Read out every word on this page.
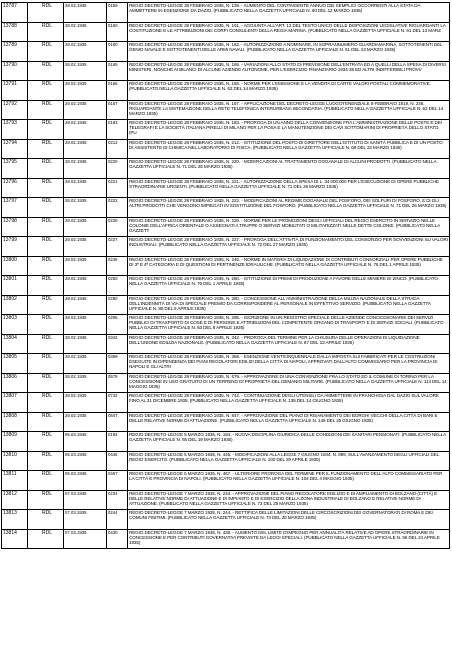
13787	RDL	28.02.1935	0159	REGIO DECRETO-LEGGE 28 FEBBRAIO 1935, N. 139. - AUMENTO DEL CONTINGENTE ANNUO DEI SEMPLICI OCCORRENTI ALLA STATA DA AMMETTERE IN ESENZIONE DA DAZIO. (PUBBLICATO NELLA GAZZETTA UFFICIALE N. 60 DEL 12 MARZO 1935)
13788	RDL	28.02.1935	0160	REGIO DECRETO-LEGGE 28 FEBBRAIO 1935, N. 161. - AGGIUNTA ALL'ART. 12 DEL TESTO UNICO DELLE DISPOSIZIONI LEGISLATIVE RIGUARDANTI LA COSTITUZIONE E LE ATTRIBUZIONI DEI CORPI CONSULENTI DELLA REGIA MARINA. (PUBBLICATO NELLA GAZZETTA UFFICIALE N. 61 DEL 13 MARZ
13789	RDL	28.02.1935	0160	REGIO DECRETO-LEGGE 28 FEBBRAIO 1935, N. 162. - AUTORIZZAZIONE A NOMINARE, IN SOPRANNUMERO GUARDIAMARINA, SOTTOTENENTI DEL GENIO NAVALE E SOTTOTENENTI DELLE ARMI NAVALI. (PUBBLICATO NELLA GAZZETTA UFFICIALE N. 61 DEL 13 MARZO 1935)
13790	RDL	28.02.1935	0165	REGIO DECRETO-LEGGE 28 FEBBRAIO 1935, N. 165. - VARIAZIONI ALLO STATO DI PREVISIONE DELL'ENTRATA ED A QUELLI DELLA SPESA DI DIVERSI MINISTERI, NONCHÉ AI BILANCI DI ALCUNE AZIENDE AUTONOME, PER L'ESERCIZIO FINANZIARIO 1934-35 ED ALTRI INDIFFERIBILI PROVV
13791	RDL	28.02.1935	0165	REGIO DECRETO-LEGGE 28 FEBBRAIO 1935, N. 166. - NORME PER L'EMISSIONE E LA VENDITA DI CARTE VALORI POSTALI COMMEMORATIVE. (PUBBLICATO NELLA GAZZETTA UFFICIALE N. 62 DEL 14 MARZO 1935)
13792	RDL	28.02.1935	0167	REGIO DECRETO-LEGGE 28 FEBBRAIO 1935, N. 167. - APPLICAZIONE DEL DECRETO-LEGGE LUOGOTENENZIALE 9 FEBBRAIO 1919, N. 246, RIGUARDANTE LA SISTEMAZIONE DELLA RETE TELEFONICA INTERURBANA SECONDARIA. (PUBBLICATO NELLA GAZZETTA UFFICIALE N. 62 DEL 14 MARZO 1935)
13793	RDL	28.02.1935	0183	REGIO DECRETO-LEGGE 28 FEBBRAIO 1935, N. 183. - PROROGA DI UN ANNO DELLA CONVENZIONE FRA L'AMMINISTRAZIONE DELLE POSTE E DEI TELEGRAFI E LA SOCIETÀ ITALIANA PIRELLI DI MILANO PER LA POSA E LA MANUTENZIONE DEI CAVI SOTTOMARINI DI PROPRIETÀ DELLO STATO. (PU
13794	RDL	28.02.1935	0212	REGIO DECRETO-LEGGE 28 FEBBRAIO 1935, N. 212. - ISTITUZIONE DEL POSTO DI DIRETTORE DELL'ISTITUTO DI SANITÀ PUBBLICA E DI UN POSTO DI ASSISTENTE DI CHIMICA NEL LABORATORIO DI FISICA. (PUBBLICATO NELLA GAZZETTA UFFICIALE N. 68 DEL 22 MARZO 1935)
13795	RDL	28.02.1935	0220	REGIO DECRETO-LEGGE 28 FEBBRAIO 1935, N. 220. - MODIFICAZIONI AL TRATTAMENTO DOGANALE DI ALCUNI PRODOTTI. (PUBBLICATO NELLA GAZZETTA UFFICIALE N. 71 DEL 25 MARZO 1935)
13796	RDL	28.02.1935	0221	REGIO DECRETO-LEGGE 28 FEBBRAIO 1935, N. 221. - AUTORIZZAZIONE DELLA SPESA DI L. 34.000.000 PER L'ESECUZIONE DI OPERE PUBBLICHE STRAORDINARIE URGENTI. (PUBBLICATO NELLA GAZZETTA UFFICIALE N. 71 DEL 26 MARZO 1935)
13797	RDL	28.02.1935	0222	REGIO DECRETO-LEGGE 28 FEBBRAIO 1935, N. 222. - MODIFICAZIONI AL REGIME DOGANALE DEL FOSFORO, DEI SOLFURI DI FOSFORO, E DI GLI ALTRI PRODOTTI CHE VENGONO IMPIEGATI IN SOSTITUZIONE DEL FOSFORO. (PUBBLICATO NELLA GAZZETTA UFFICIALE N. 71 DEL 26 MARZO 1935)
13798	RDL	28.02.1935	0226	REGIO DECRETO-LEGGE 28 FEBBRAIO 1935, N. 226. - NORME PER LE PROMOZIONI DEGLI UFFICIALI DEL REGIO ESERCITO IN SERVIZIO NELLE COLONIE DELL'AFRICA ORIENTALE O ASSEGNATI A TRUPPE O SERVIZI MOBILITATI O MILITARIZZATI NELLE DETTE COLONIE. (PUBBLICATO NELLA GAZZETT
13799	RDL	28.02.1935	0227	REGIO DECRETO-LEGGE 28 FEBBRAIO 1935, N. 227. - PROROGA DELL'ATTIVITÀ DI FUNZIONAMENTO DEL CONSORZIO PER SOVVENZIONI SU VALORI INDUSTRIALI. (PUBBLICATO NELLA GAZZETTA UFFICIALE N. 72 DEL 27 MARZO 1935)
13800	RDL	28.02.1935	0245	REGIO DECRETO-LEGGE 28 FEBBRAIO 1935, N. 245. - NORME IN MATERIA DI LIQUIDAZIONE DI CONTRIBUTI CONSORZIALI PER OPERE PUBBLICHE DI 3ª E 4ª CATEGORIA E DI QUESTIONI DI PERTINENZE IDRAULICHE. (PUBBLICATO NELLA GAZZETTA UFFICIALE N. 76 DEL 1 APRILE 1935)
13801	RDL	28.02.1935	0250	REGIO DECRETO-LEGGE 28 FEBBRAIO 1935, N. 250. - ISTITUZIONE DI PREMI DI PRODUZIONE A FAVORE DELLE MINIERE DI ZINCO. (PUBBLICATO NELLA GAZZETTA UFFICIALE N. 76 DEL 1 APRILE 1935)
13802	RDL	28.02.1935	0280	REGIO DECRETO-LEGGE 28 FEBBRAIO 1935, N. 280. - CONCESSIONE ALL'AMMINISTRAZIONE DELLA MILIZIA NAZIONALE DELLA STRADA DELL'INDENNITÀ DI VIA DI SPECIALE PREMIO DA CORRISPONDERE AL PERSONALE IN EFFETTIVO SERVIZIO. (PUBBLICATO NELLA GAZZETTA UFFICIALE N. 80 DEL 5 APRILE 1935)
13803	RDL	28.02.1935	0295	REGIO DECRETO-LEGGE 28 FEBBRAIO 1935, N. 295. - ISCRIZIONE IN UN REGISTRO SPECIALE DELLE AZIENDE CONCESSIONARIE DEI SERVIZI PUBBLICI DI TRASPORTO DI COSE E DI PERSONE E ATTRIBUZIONI DEL COMPETENTE ORGANO DI TRASPORTI E DI SERVIZI SOCIALI. (PUBBLICATO NELLA GAZZETTA UFFICIALE N. 83 DEL 8 APRILE 1935)
13804	RDL	28.02.1935	0342	REGIO DECRETO-LEGGE 28 FEBBRAIO 1935, N. 342. - PROROGA DEL TERMINE PER LA CHIUSURA DELLE OPERAZIONI DI LIQUIDAZIONE DELL'UNIONE EDILIZIA NAZIONALE. (PUBBLICATO NELLA GAZZETTA UFFICIALE N. 87 DEL 13 APRILE 1935)
13805	RDL	28.02.1935	0369	REGIO DECRETO-LEGGE 28 FEBBRAIO 1935, N. 369. - ESENZIONE VENTICINQUENNALE DALLA IMPOSTA SUI FABBRICATI PER LE COSTRUZIONI ESEGUITE IN DIPENDENZA DEI PIANI REGOLATORI EDILIZI DELLA CITTÀ DI NAPOLI, APPROVATI DALL'ALTO COMMISSARIO PER LA PROVINCIA DI NAPOLI E GLI ALTRI
13806	RDL	28.02.1935	0579	REGIO DECRETO-LEGGE 28 FEBBRAIO 1935, N. 579. - APPROVAZIONE DI UNA CONVENZIONE FRA LO STATO ED IL COMUNE DI TORINO PER LA CONCESSIONE IN USO GRATUITO DI UN TERRENO DI PROPRIETÀ DEL DEMANIO MILITARE. (PUBBLICATO NELLA GAZZETTA UFFICIALE N. 113 DEL 14 MAGGIO 1935)
13807	RDL	28.02.1935	0742	REGIO DECRETO-LEGGE 28 FEBBRAIO 1935, N. 742. - CONTINUAZIONE DEGLI UTENSILI DA AMMETTERE IN FRANCHIGIA DAL DAZIO SUL VALORE FINO AL 31 DICEMBRE 1935. (PUBBLICATO NELLA GAZZETTA UFFICIALE N. 139 DEL 14 GIUGNO 1935)
13808	RDL	28.02.1935	0847	REGIO DECRETO-LEGGE 28 FEBBRAIO 1935, N. 847. - APPROVAZIONE DEL PIANO DI RISANAMENTO DEI BORGHI VECCHI DELLA CITTÀ DI BARI E DELLE RELATIVE NORME DI ATTUAZIONE. (PUBBLICATO NELLA GAZZETTA UFFICIALE N. 148 DEL 25 GIUGNO 1935)
13809	RDL	05.03.1935	0194	REGIO DECRETO-LEGGE 5 MARZO 1935, N. 194. - NUOVA DISCIPLINA GIURIDICA DELLE CONDIZIONI DEI SANITARI PENSIONATI. (PUBBLICATO NELLA GAZZETTA UFFICIALE N. 65 DEL 19 MARZO 1935)
13810	RDL	05.03.1935	0445	REGIO DECRETO-LEGGE 5 MARZO 1935, N. 445. - MODIFICAZIONI ALLA LEGGE 7 GIUGNO 1934, N. 899, SULL'AVANZAMENTO DEGLI UFFICIALI DEL REGIO ESERCITO. (PUBBLICATO NELLA GAZZETTA UFFICIALE N. 100 DEL 29 APRILE 1935)
13811	RDL	05.03.1935	0467	REGIO DECRETO-LEGGE 5 MARZO 1935, N. 467. - ULTERIORE PROROGA DEL TERMINE PER IL FUNZIONAMENTO DELL'ALTO COMMISSARIATO PER LA CITTÀ E PROVINCIA DI NAPOLI. (PUBBLICATO NELLA GAZZETTA UFFICIALE N. 104 DEL 4 MAGGIO 1935)
13812	RDL	07.03.1935	0234	REGIO DECRETO-LEGGE 7 MARZO 1935, N. 234. - APPROVAZIONE DEL PIANO REGOLATORE EDILIZIO E DI AMPLIAMENTO DI BOLZANO (CITTÀ) E DELLE RELATIVE NORME DI ATTUAZIONE E DI IMPIANTO E DI ESERCIZIO DELLA ZONA INDUSTRIALE DI BOLZANO E RELATIVE NORME DI ATTUAZIONE. (PUBBLICATO NELLA GAZZETTA UFFICIALE N. 73 DEL 28 MARZO 1935)
13813	RDL	07.03.1935	0244	REGIO DECRETO-LEGGE 7 MARZO 1935, N. 244. - RETTIFICA DELLE LIMITAZIONI DELLE CIRCOSCRIZIONI DEI GOVERNATORATI DI ROMA E DEI COMUNI FINITIMI. (PUBBLICATO NELLA GAZZETTA UFFICIALE N. 73 DEL 28 MARZO 1935)
13814	RDL	07.03.1935	0430	REGIO DECRETO-LEGGE 7 MARZO 1935, N. 430. - AUMENTO DEL LIMITE D'IMPEGNO PER ANNUALITÀ RELATIVE AD OPERE STRAORDINARIE IN CONCESSIONE E PER CONTRIBUTI GOVERNATIVI PREVISTE DA LEGGI SPECIALI. (PUBBLICATO NELLA GAZZETTA UFFICIALE N. 96 DEL 24 APRILE 1935)
